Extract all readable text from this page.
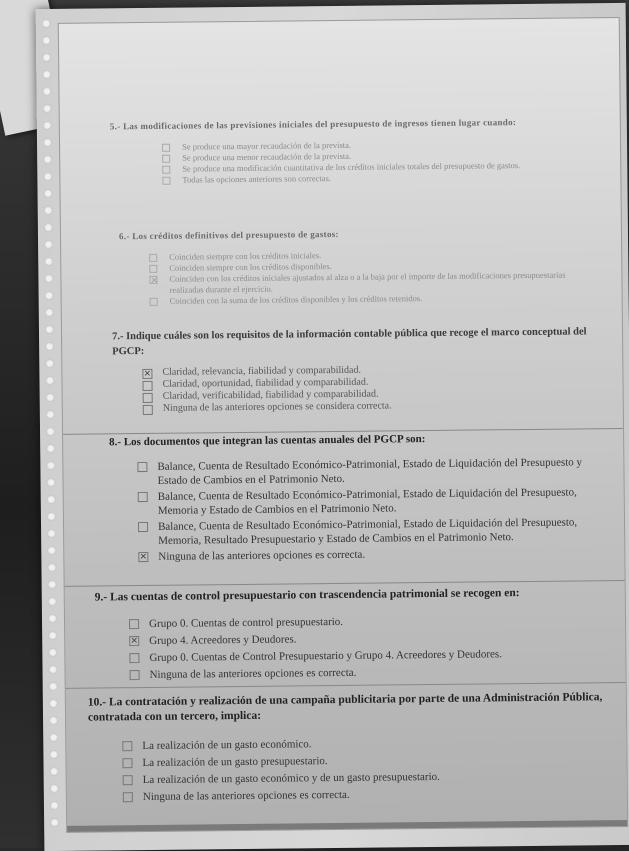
5.- Las modificaciones de las previsiones iniciales del presupuesto de ingresos tienen lugar cuando:
Se produce una mayor recaudación de la prevista.
Se produce una menor recaudación de la prevista.
Se produce una modificación cuantitativa de los créditos iniciales totales del presupuesto de gastos.
Todas las opciones anteriores son correctas.
6.- Los créditos definitivos del presupuesto de gastos:
Coinciden siempre con los créditos iniciales.
Coinciden siempre con los créditos disponibles.
× Coinciden con los créditos iniciales ajustados al alza o a la baja por el importe de las modificaciones presupuestarias realizadas durante el ejercicio.
Coinciden con la suma de los créditos disponibles y los créditos retenidos.
7.- Indique cuáles son los requisitos de la información contable pública que recoge el marco conceptual del PGCP:
× Claridad, relevancia, fiabilidad y comparabilidad.
Claridad, oportunidad, fiabilidad y comparabilidad.
Claridad, verificabilidad, fiabilidad y comparabilidad.
Ninguna de las anteriores opciones se considera correcta.
8.- Los documentos que integran las cuentas anuales del PGCP son:
Balance, Cuenta de Resultado Económico-Patrimonial, Estado de Liquidación del Presupuesto y Estado de Cambios en el Patrimonio Neto.
Balance, Cuenta de Resultado Económico-Patrimonial, Estado de Liquidación del Presupuesto, Memoria y Estado de Cambios en el Patrimonio Neto.
Balance, Cuenta de Resultado Económico-Patrimonial, Estado de Liquidación del Presupuesto, Memoria, Resultado Presupuestario y Estado de Cambios en el Patrimonio Neto.
× Ninguna de las anteriores opciones es correcta.
9.- Las cuentas de control presupuestario con trascendencia patrimonial se recogen en:
Grupo 0. Cuentas de control presupuestario.
× Grupo 4. Acreedores y Deudores.
Grupo 0. Cuentas de Control Presupuestario y Grupo 4. Acreedores y Deudores.
Ninguna de las anteriores opciones es correcta.
10.- La contratación y realización de una campaña publicitaria por parte de una Administración Pública, contratada con un tercero, implica:
La realización de un gasto económico.
La realización de un gasto presupuestario.
La realización de un gasto económico y de un gasto presupuestario.
Ninguna de las anteriores opciones es correcta.
